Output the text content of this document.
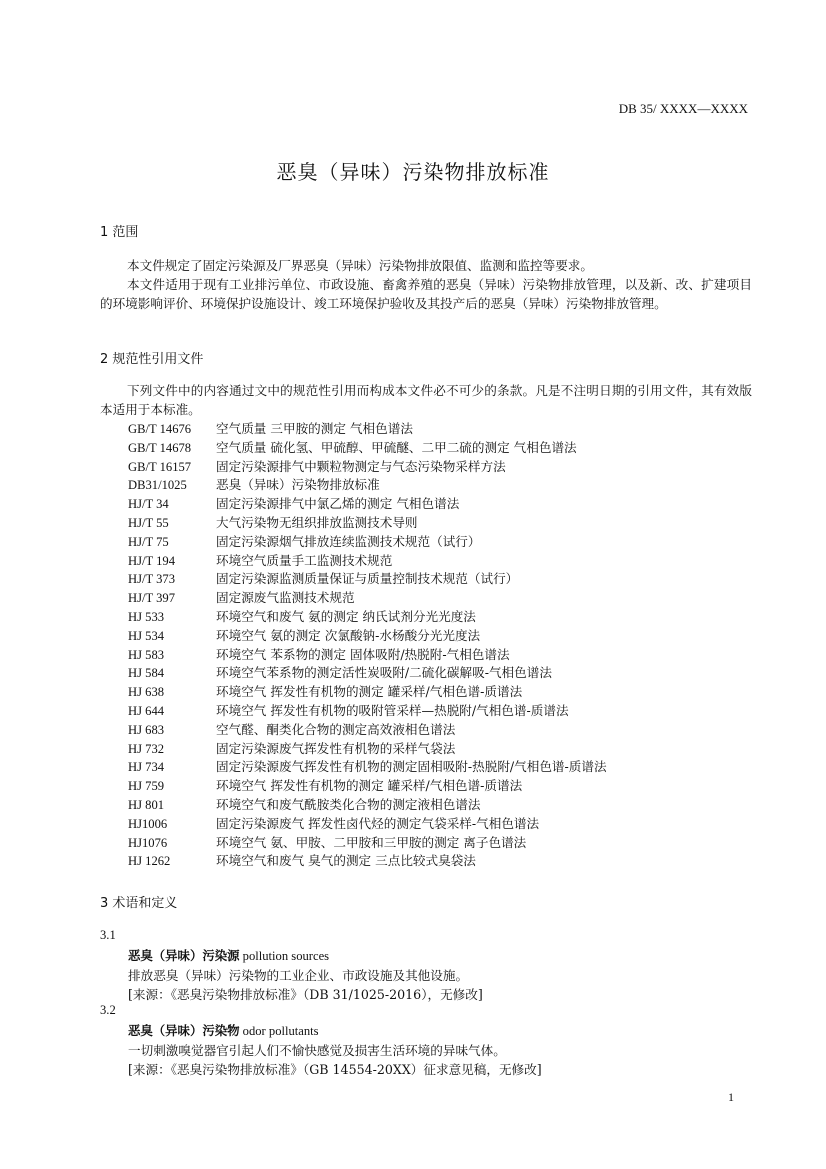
DB 35/ XXXX—XXXX
恶臭（异味）污染物排放标准
1 范围
本文件规定了固定污染源及厂界恶臭（异味）污染物排放限值、监测和监控等要求。
本文件适用于现有工业排污单位、市政设施、畜禽养殖的恶臭（异味）污染物排放管理，以及新、改、扩建项目的环境影响评价、环境保护设施设计、竣工环境保护验收及其投产后的恶臭（异味）污染物排放管理。
2 规范性引用文件
下列文件中的内容通过文中的规范性引用而构成本文件必不可少的条款。凡是不注明日期的引用文件，其有效版本适用于本标准。
GB/T 14676 空气质量 三甲胺的测定 气相色谱法
GB/T 14678 空气质量 硫化氢、甲硫醇、甲硫醚、二甲二硫的测定 气相色谱法
GB/T 16157 固定污染源排气中颗粒物测定与气态污染物采样方法
DB31/1025 恶臭（异味）污染物排放标准
HJ/T 34	固定污染源排气中氯乙烯的测定 气相色谱法
HJ/T 55	大气污染物无组织排放监测技术导则
HJ/T 75	固定污染源烟气排放连续监测技术规范（试行）
HJ/T 194	环境空气质量手工监测技术规范
HJ/T 373	固定污染源监测质量保证与质量控制技术规范（试行）
HJ/T 397	固定源废气监测技术规范
HJ 533	环境空气和废气 氨的测定 纳氏试剂分光光度法
HJ 534	环境空气 氨的测定 次氯酸钠-水杨酸分光光度法
HJ 583	环境空气 苯系物的测定 固体吸附/热脱附-气相色谱法
HJ 584	环境空气苯系物的测定活性炭吸附/二硫化碳解吸-气相色谱法
HJ 638	环境空气 挥发性有机物的测定 罐采样/气相色谱-质谱法
HJ 644	环境空气 挥发性有机物的吸附管采样—热脱附/气相色谱-质谱法
HJ 683	空气醛、酮类化合物的测定高效液相色谱法
HJ 732	固定污染源废气挥发性有机物的采样气袋法
HJ 734	固定污染源废气挥发性有机物的测定固相吸附-热脱附/气相色谱-质谱法
HJ 759	环境空气 挥发性有机物的测定 罐采样/气相色谱-质谱法
HJ 801	环境空气和废气酰胺类化合物的测定液相色谱法
HJ1006	固定污染源废气 挥发性卤代烃的测定气袋采样-气相色谱法
HJ1076	环境空气 氨、甲胺、二甲胺和三甲胺的测定 离子色谱法
HJ 1262	环境空气和废气 臭气的测定 三点比较式臭袋法
3 术语和定义
3.1
恶臭（异味）污染源 pollution sources
排放恶臭（异味）污染物的工业企业、市政设施及其他设施。
[来源：《恶臭污染物排放标准》（DB 31/1025-2016），无修改]
3.2
恶臭（异味）污染物 odor pollutants
一切刺激嗅觉器官引起人们不愉快感觉及损害生活环境的异味气体。
[来源：《恶臭污染物排放标准》（GB 14554-20XX）征求意见稿，无修改]
1
